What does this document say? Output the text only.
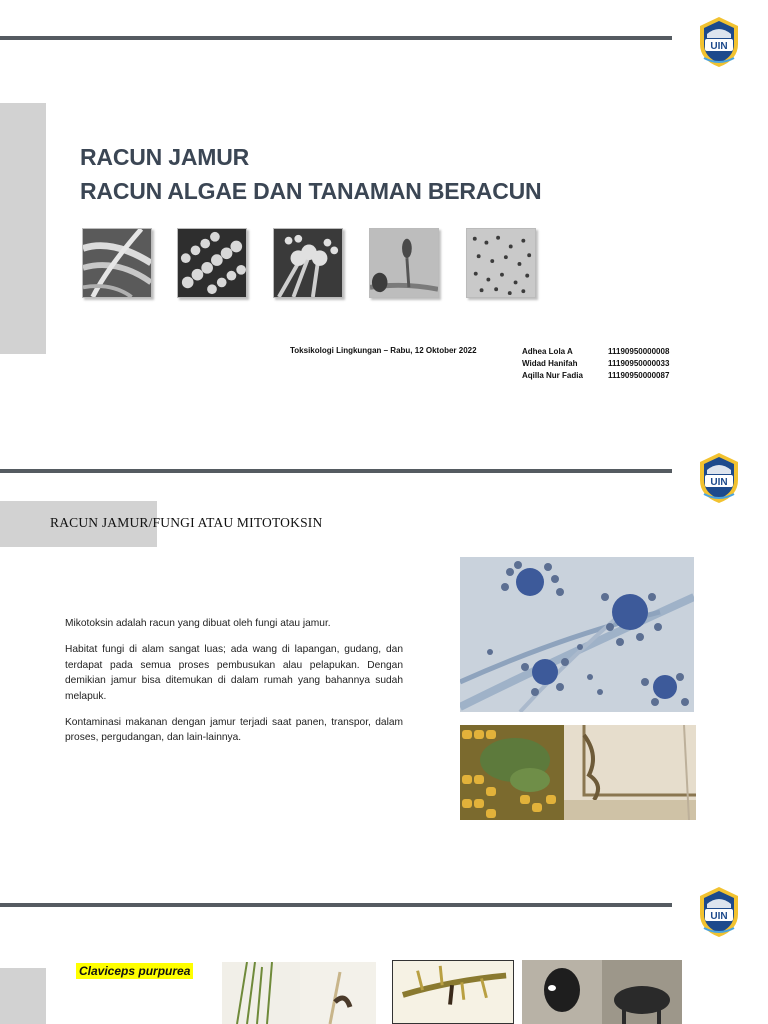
UIN
RACUN JAMUR
RACUN ALGAE DAN TANAMAN BERACUN
Toksikologi Lingkungan – Rabu, 12 Oktober 2022	Adhea Lola A	11190950000008
Widad Hanifah	11190950000033
Aqilla Nur Fadia	11190950000087
UIN
RACUN JAMUR/FUNGI ATAU MITOTOKSIN

Mikotoksin adalah racun yang dibuat oleh fungi atau jamur.

Habitat fungi di alam sangat luas; ada wang di lapangan, gudang, dan terdapat pada semua proses pembusukan alau pelapukan. Dengan demikian jamur bisa ditemukan di dalam rumah yang bahannya sudah melapuk.

Kontaminasi makanan dengan jamur terjadi saat panen, transpor, dalam proses, pergudangan, dan lain-lainnya.

UIN
Claviceps purpurea
